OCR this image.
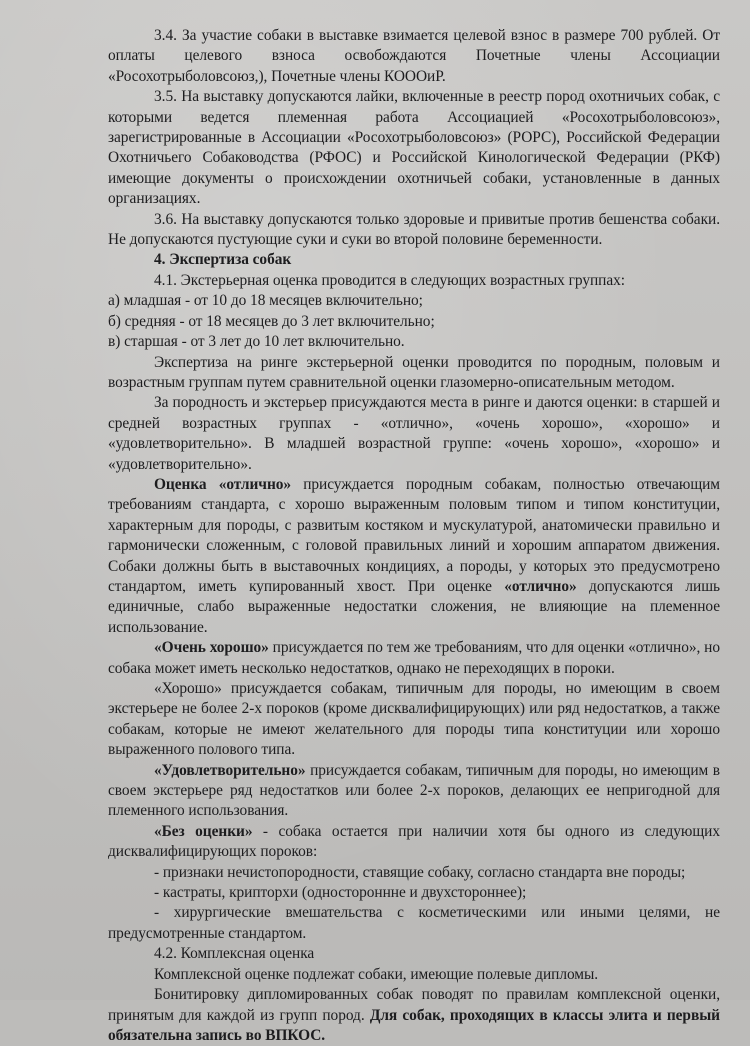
3.4. За участие собаки в выставке взимается целевой взнос в размере 700 рублей. От оплаты целевого взноса освобождаются Почетные члены Ассоциации «Росохотрыболовсоюз,), Почетные члены КОООиР.

3.5. На выставку допускаются лайки, включенные в реестр пород охотничьих собак, с которыми ведется племенная работа Ассоциацией «Росохотрыболовсоюз», зарегистрированные в Ассоциации «Росохотрыболовсоюз» (РОРС), Российской Федерации Охотничьего Собаководства (РФОС) и Российской Кинологической Федерации (РКФ) имеющие документы о происхождении охотничьей собаки, установленные в данных организациях.

3.6. На выставку допускаются только здоровые и привитые против бешенства собаки. Не допускаются пустующие суки и суки во второй половине беременности.

4. Экспертиза собак

4.1. Экстерьерная оценка проводится в следующих возрастных группах:

а) младшая - от 10 до 18 месяцев включительно;

б) средняя - от 18 месяцев до 3 лет включительно;

в) старшая - от 3 лет до 10 лет включительно.

Экспертиза на ринге экстерьерной оценки проводится по породным, половым и возрастным группам путем сравнительной оценки глазомерно-описательным методом.

За породность и экстерьер присуждаются места в ринге и даются оценки: в старшей и средней возрастных группах - «отлично», «очень хорошо», «хорошо» и «удовлетворительно». В младшей возрастной группе: «очень хорошо», «хорошо» и «удовлетворительно».

Оценка «отлично» присуждается породным собакам, полностью отвечающим требованиям стандарта, с хорошо выраженным половым типом и типом конституции, характерным для породы, с развитым костяком и мускулатурой, анатомически правильно и гармонически сложенным, с головой правильных линий и хорошим аппаратом движения. Собаки должны быть в выставочных кондициях, а породы, у которых это предусмотрено стандартом, иметь купированный хвост. При оценке «отлично» допускаются лишь единичные, слабо выраженные недостатки сложения, не влияющие на племенное использование.

«Очень хорошо» присуждается по тем же требованиям, что для оценки «отлично», но собака может иметь несколько недостатков, однако не переходящих в пороки.

«Хорошо» присуждается собакам, типичным для породы, но имеющим в своем экстерьере не более 2-х пороков (кроме дисквалифицирующих) или ряд недостатков, а также собакам, которые не имеют желательного для породы типа конституции или хорошо выраженного полового типа.

«Удовлетворительно» присуждается собакам, типичным для породы, но имеющим в своем экстерьере ряд недостатков или более 2-х пороков, делающих ее непригодной для племенного использования.

«Без оценки» - собака остается при наличии хотя бы одного из следующих дисквалифицирующих пороков:

- признаки нечистопородности, ставящие собаку, согласно стандарта вне породы;

- кастраты, крипторхи (одностороннне и двухстороннее);

- хирургические вмешательства с косметическими или иными целями, не предусмотренные стандартом.

4.2. Комплексная оценка

Комплексной оценке подлежат собаки, имеющие полевые дипломы.

Бонитировку дипломированных собак поводят по правилам комплексной оценки, принятым для каждой из групп пород. Для собак, проходящих в классы элита и первый обязательна запись во ВПКОС.
